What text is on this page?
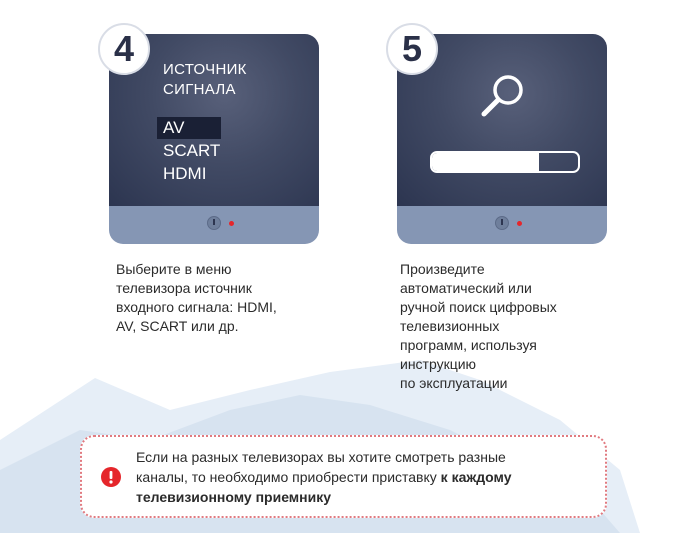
4
ИСТОЧНИК
СИГНАЛА
AV
SCART
HDMI
Выберите в меню
телевизора источник
входного сигнала: HDMI,
AV, SCART или др.
5
Произведите
автоматический или
ручной поиск цифровых
телевизионных
программ, используя
инструкцию
по эксплуатации
Если на разных телевизорах вы хотите смотреть разные
каналы, то необходимо приобрести приставку к каждому
телевизионному приемнику
